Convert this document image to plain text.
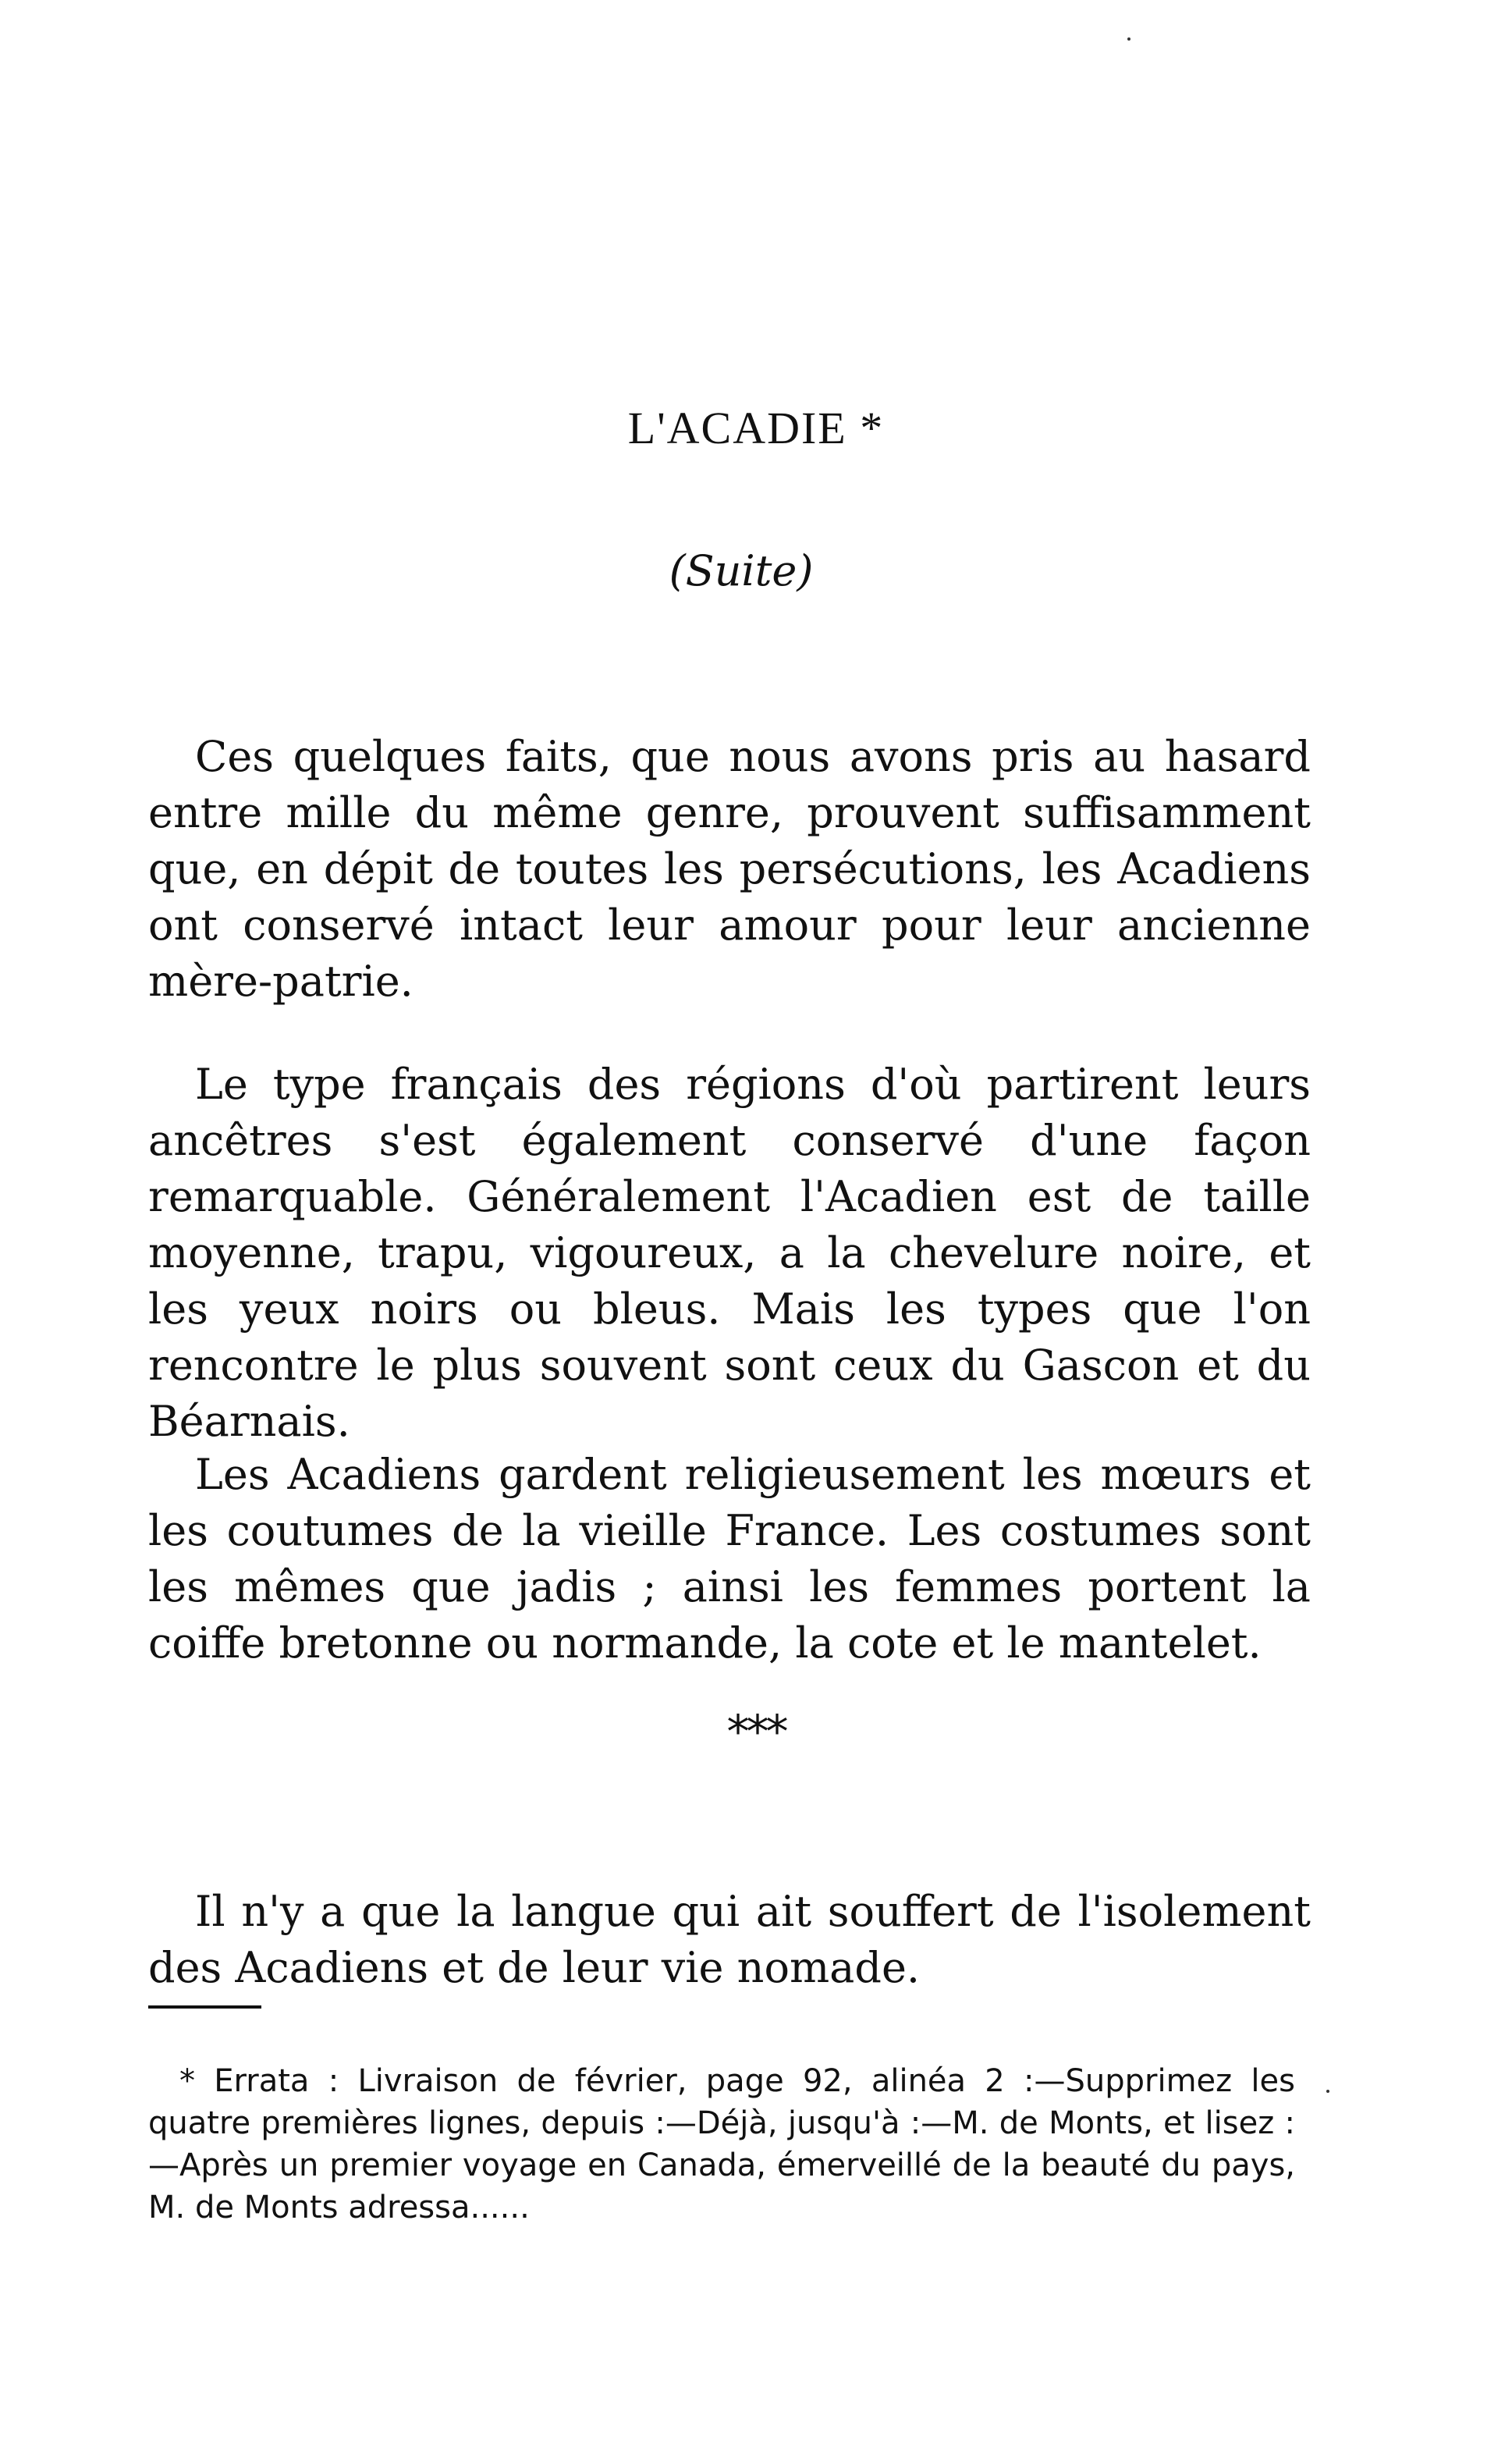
L'ACADIE *
(Suite)

Ces quelques faits, que nous avons pris au hasard entre mille du même genre, prouvent suffisamment que, en dépit de toutes les persécutions, les Acadiens ont conservé intact leur amour pour leur ancienne mère-patrie.

Le type français des régions d'où partirent leurs ancêtres s'est également conservé d'une façon remarquable. Généralement l'Acadien est de taille moyenne, trapu, vigoureux, a la chevelure noire, et les yeux noirs ou bleus. Mais les types que l'on rencontre le plus souvent sont ceux du Gascon et du Béarnais.

Les Acadiens gardent religieusement les mœurs et les coutumes de la vieille France. Les costumes sont les mêmes que jadis ; ainsi les femmes portent la coiffe bretonne ou normande, la cote et le mantelet.

***

Il n'y a que la langue qui ait souffert de l'isolement des Acadiens et de leur vie nomade.

* Errata : Livraison de février, page 92, alinéa 2 :—Supprimez les quatre premières lignes, depuis :—Déjà, jusqu'à :—M. de Monts, et lisez :—Après un premier voyage en Canada, émerveillé de la beauté du pays, M. de Monts adressa......
